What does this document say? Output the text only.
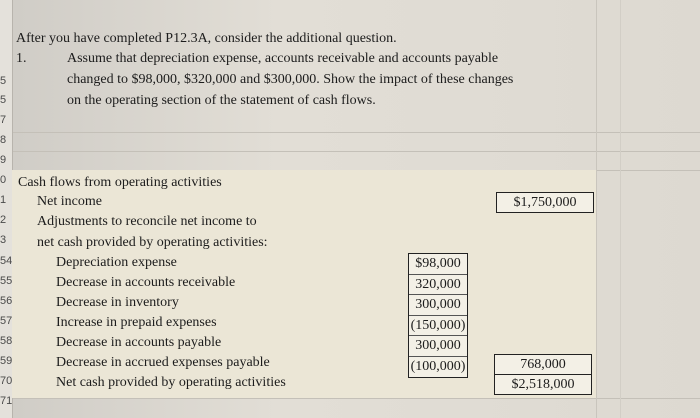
5
5
7
8
9
0
1
2
3
54
55
56
57
58
59
70
71
After you have completed P12.3A, consider the additional question.
1.	Assume that depreciation expense, accounts receivable and accounts payable
changed to $98,000, $320,000 and $300,000. Show the impact of these changes
on the operating section of the statement of cash flows.
Cash flows from operating activities
Net income
Adjustments to reconcile net income to
net cash provided by operating activities:
Depreciation expense
Decrease in accounts receivable
Decrease in inventory
Increase in prepaid expenses
Decrease in accounts payable
Decrease in accrued expenses payable
Net cash provided by operating activities
$1,750,000
$98,000
320,000
300,000
(150,000)
300,000
(100,000)	768,000
$2,518,000
